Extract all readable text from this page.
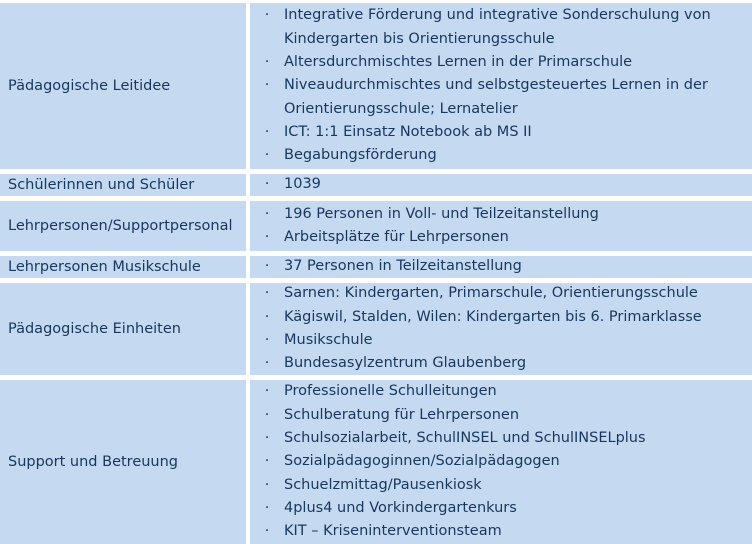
Pädagogische Leitidee
· Integrative Förderung und integrative Sonderschulung von Kindergarten bis Orientierungsschule
· Altersdurchmischtes Lernen in der Primarschule
· Niveaudurchmischtes und selbstgesteuertes Lernen in der Orientierungsschule; Lernatelier
· ICT: 1:1 Einsatz Notebook ab MS II
· Begabungsförderung
Schülerinnen und Schüler	· 1039
Lehrpersonen/Supportpersonal
· 196 Personen in Voll- und Teilzeitanstellung
· Arbeitsplätze für Lehrpersonen
Lehrpersonen Musikschule	· 37 Personen in Teilzeitanstellung
Pädagogische Einheiten
· Sarnen: Kindergarten, Primarschule, Orientierungsschule
· Kägiswil, Stalden, Wilen: Kindergarten bis 6. Primarklasse
· Musikschule
· Bundesasylzentrum Glaubenberg
Support und Betreuung
· Professionelle Schulleitungen
· Schulberatung für Lehrpersonen
· Schulsozialarbeit, SchulINSEL und SchulINSELplus
· Sozialpädagoginnen/Sozialpädagogen
· Schuelzmittag/Pausenkiosk
· 4plus4 und Vorkindergartenkurs
· KIT – Kriseninterventionsteam
